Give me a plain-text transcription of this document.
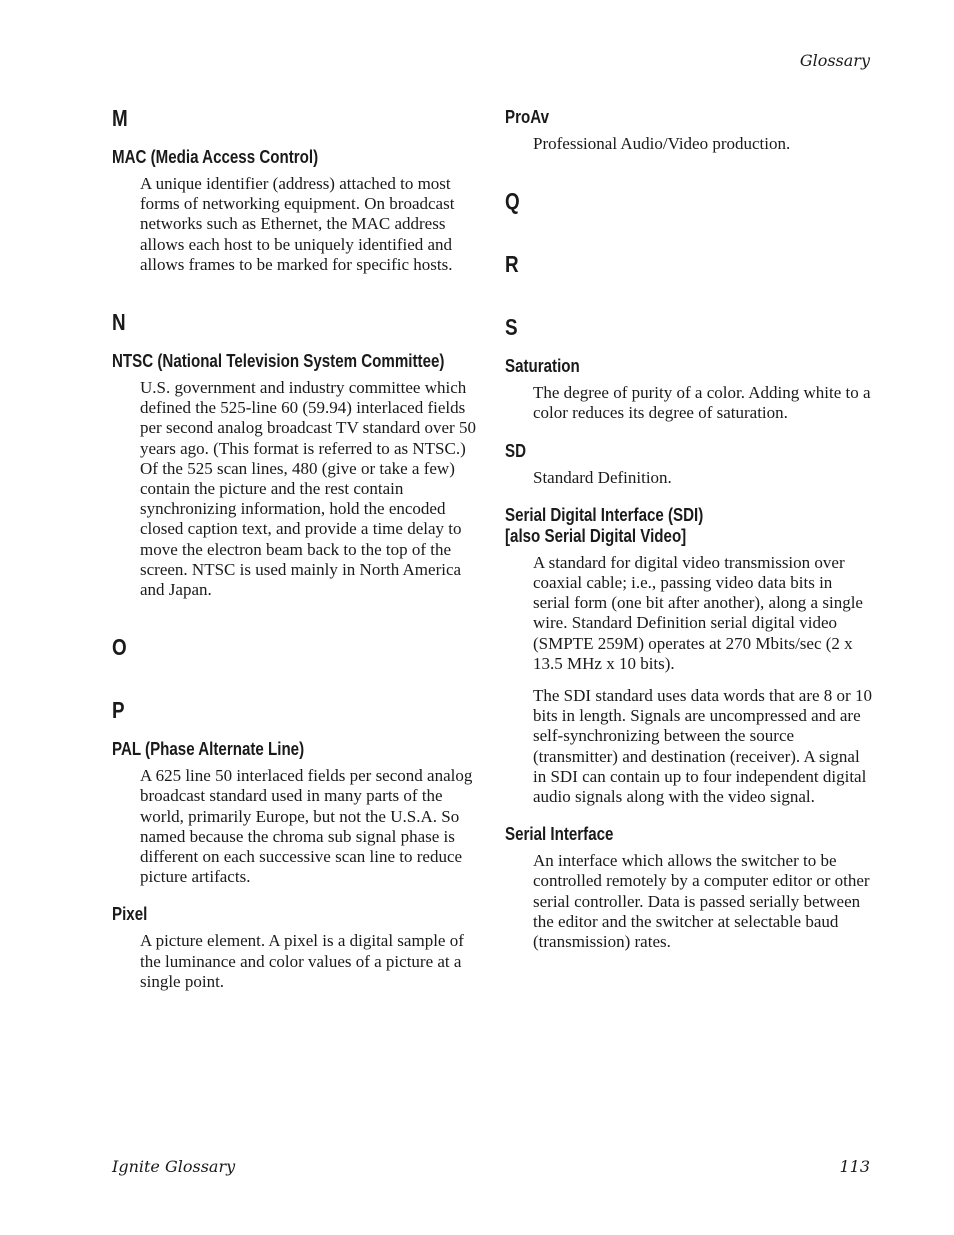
Glossary
M
MAC (Media Access Control)

A unique identifier (address) attached to most forms of networking equipment. On broadcast networks such as Ethernet, the MAC address allows each host to be uniquely identified and allows frames to be marked for specific hosts.

N
NTSC (National Television System Committee)

U.S. government and industry committee which defined the 525-line 60 (59.94) interlaced fields per second analog broadcast TV standard over 50 years ago. (This format is referred to as NTSC.) Of the 525 scan lines, 480 (give or take a few) contain the picture and the rest contain synchronizing information, hold the encoded closed caption text, and provide a time delay to move the electron beam back to the top of the screen. NTSC is used mainly in North America and Japan.

O
P
PAL (Phase Alternate Line)

A 625 line 50 interlaced fields per second analog broadcast standard used in many parts of the world, primarily Europe, but not the U.S.A. So named because the chroma sub signal phase is different on each successive scan line to reduce picture artifacts.

Pixel

A picture element. A pixel is a digital sample of the luminance and color values of a picture at a single point.

ProAv

Professional Audio/Video production.

Q
R
S
Saturation

The degree of purity of a color. Adding white to a color reduces its degree of saturation.

SD

Standard Definition.

Serial Digital Interface (SDI)
[also Serial Digital Video]

A standard for digital video transmission over coaxial cable; i.e., passing video data bits in serial form (one bit after another), along a single wire. Standard Definition serial digital video (SMPTE 259M) operates at 270 Mbits/sec (2 x 13.5 MHz x 10 bits).

The SDI standard uses data words that are 8 or 10 bits in length. Signals are uncompressed and are self-synchronizing between the source (transmitter) and destination (receiver). A signal in SDI can contain up to four independent digital audio signals along with the video signal.

Serial Interface

An interface which allows the switcher to be controlled remotely by a computer editor or other serial controller. Data is passed serially between the editor and the switcher at selectable baud (transmission) rates.

Ignite Glossary	113
